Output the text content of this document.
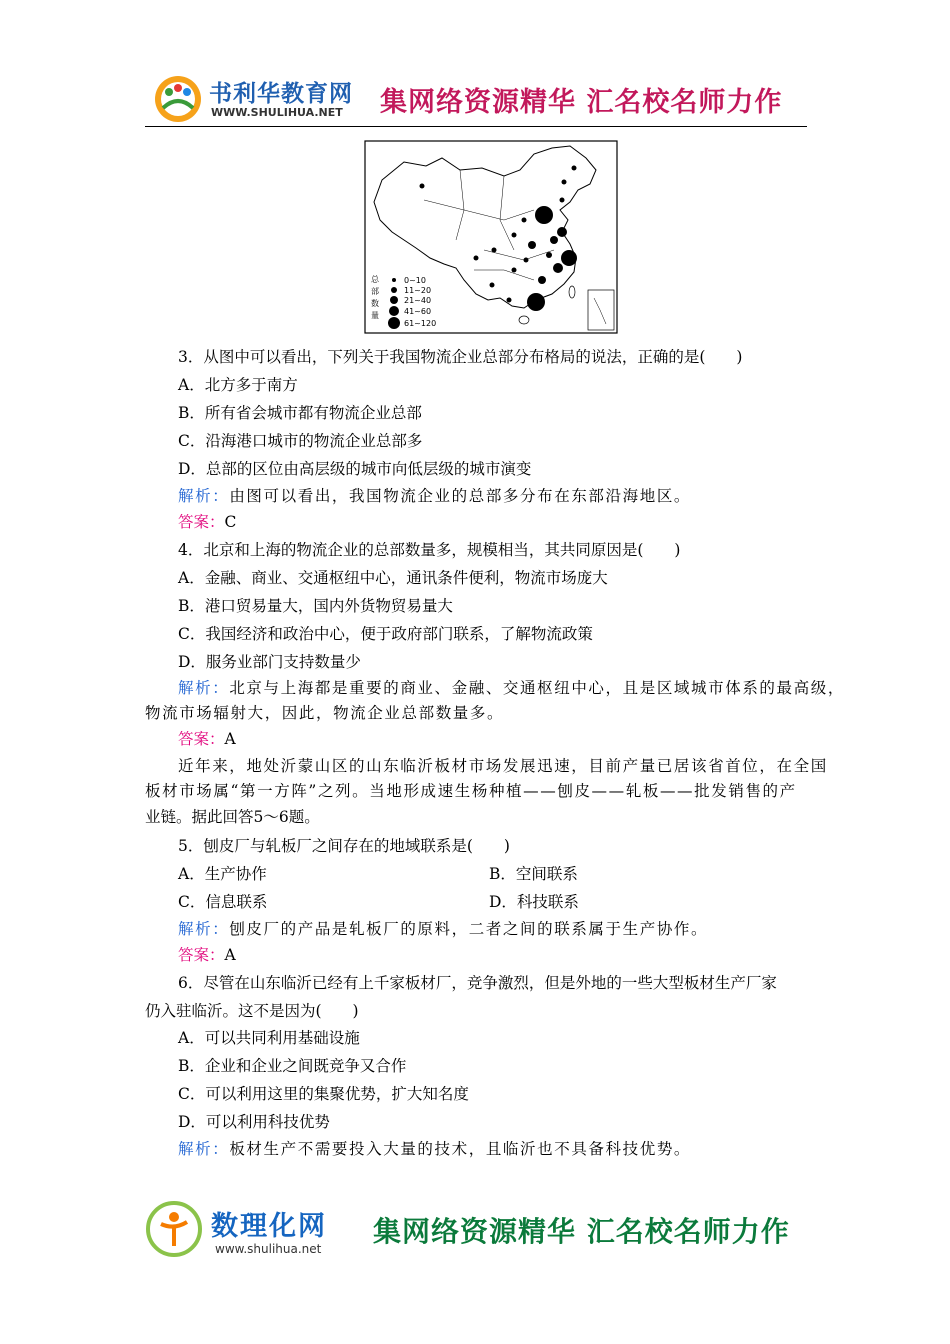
书利华教育网
WWW.SHULIHUA.NET 集网络资源精华 汇名校名师力作
总部数量
0~10
11~20
21~40
41~60
61~120
3．从图中可以看出，下列关于我国物流企业总部分布格局的说法，正确的是(　　)
A．北方多于南方
B．所有省会城市都有物流企业总部
C．沿海港口城市的物流企业总部多
D．总部的区位由高层级的城市向低层级的城市演变
解析：由图可以看出，我国物流企业的总部多分布在东部沿海地区。
答案：C
4．北京和上海的物流企业的总部数量多，规模相当，其共同原因是(　　)
A．金融、商业、交通枢纽中心，通讯条件便利，物流市场庞大
B．港口贸易量大，国内外货物贸易量大
C．我国经济和政治中心，便于政府部门联系，了解物流政策
D．服务业部门支持数量少
解析：北京与上海都是重要的商业、金融、交通枢纽中心，且是区域城市体系的最高级，
物流市场辐射大，因此，物流企业总部数量多。
答案：A
近年来，地处沂蒙山区的山东临沂板材市场发展迅速，目前产量已居该省首位，在全国
板材市场属“第一方阵”之列。当地形成速生杨种植——刨皮——轧板——批发销售的产
业链。据此回答5～6题。
5．刨皮厂与轧板厂之间存在的地域联系是(　　)
A．生产协作	B．空间联系
C．信息联系	D．科技联系
解析：刨皮厂的产品是轧板厂的原料，二者之间的联系属于生产协作。
答案：A
6．尽管在山东临沂已经有上千家板材厂，竞争激烈，但是外地的一些大型板材生产厂家
仍入驻临沂。这不是因为(　　)
A．可以共同利用基础设施
B．企业和企业之间既竞争又合作
C．可以利用这里的集聚优势，扩大知名度
D．可以利用科技优势
解析：板材生产不需要投入大量的技术，且临沂也不具备科技优势。
数理化网
www.shulihua.net
集网络资源精华 汇名校名师力作
